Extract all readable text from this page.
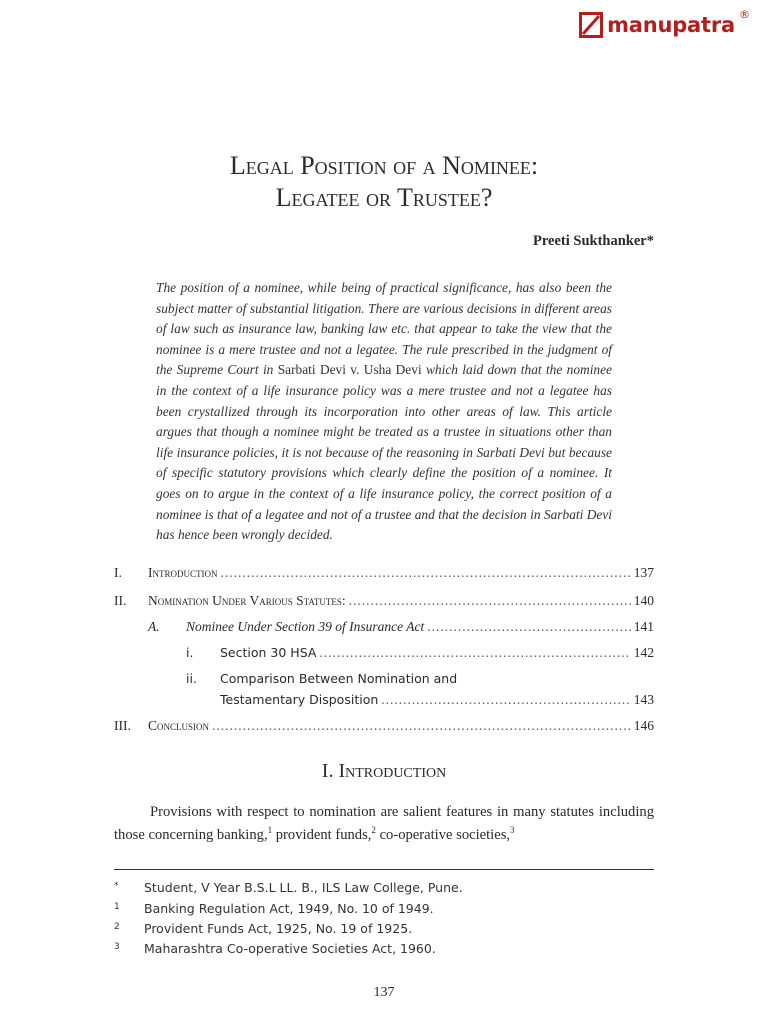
manupatra ®
Legal Position of a Nominee:
Legatee or Trustee?
Preeti Sukthanker*
The position of a nominee, while being of practical significance, has also been the subject matter of substantial litigation. There are various decisions in different areas of law such as insurance law, banking law etc. that appear to take the view that the nominee is a mere trustee and not a legatee. The rule prescribed in the judgment of the Supreme Court in Sarbati Devi v. Usha Devi which laid down that the nominee in the context of a life insurance policy was a mere trustee and not a legatee has been crystallized through its incorporation into other areas of law. This article argues that though a nominee might be treated as a trustee in situations other than life insurance policies, it is not because of the reasoning in Sarbati Devi but because of specific statutory provisions which clearly define the position of a nominee. It goes on to argue in the context of a life insurance policy, the correct position of a nominee is that of a legatee and not of a trustee and that the decision in Sarbati Devi has hence been wrongly decided.
I. Introduction .....	137
II. Nomination Under Various Statutes: .....	140
A. Nominee Under Section 39 of Insurance Act .....	141
i. Section 30 HSA .....	142
ii. Comparison Between Nomination and
Testamentary Disposition .....	143
III. Conclusion .....	146
I. Introduction
Provisions with respect to nomination are salient features in many statutes including those concerning banking,$^1$ provident funds,$^2$ co-operative societies,$^3$
* Student, V Year B.S.L LL. B., ILS Law College, Pune.
1 Banking Regulation Act, 1949, No. 10 of 1949.
2 Provident Funds Act, 1925, No. 19 of 1925.
3 Maharashtra Co-operative Societies Act, 1960.
137
